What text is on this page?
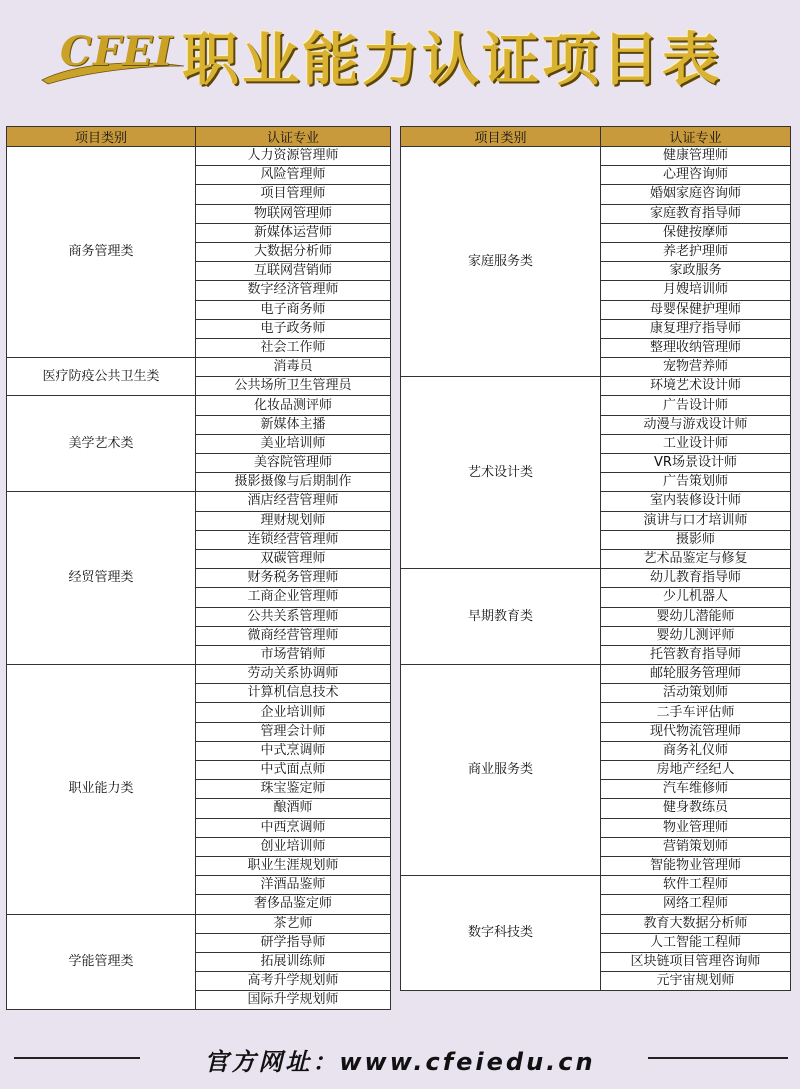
CFEI 职业能力认证项目表
项目类别	认证专业
商务管理类	人力资源管理师
	风险管理师
	项目管理师
	物联网管理师
	新媒体运营师
	大数据分析师
	互联网营销师
	数字经济管理师
	电子商务师
	电子政务师
	社会工作师
医疗防疫公共卫生类	消毒员
	公共场所卫生管理员
美学艺术类	化妆品测评师
	新媒体主播
	美业培训师
	美容院管理师
	摄影摄像与后期制作
经贸管理类	酒店经营管理师
	理财规划师
	连锁经营管理师
	双碳管理师
	财务税务管理师
	工商企业管理师
	公共关系管理师
	微商经营管理师
	市场营销师
职业能力类	劳动关系协调师
	计算机信息技术
	企业培训师
	管理会计师
	中式烹调师
	中式面点师
	珠宝鉴定师
	酿酒师
	中西烹调师
	创业培训师
	职业生涯规划师
	洋酒品鉴师
	奢侈品鉴定师
学能管理类	茶艺师
	研学指导师
	拓展训练师
	高考升学规划师
	国际升学规划师
项目类别	认证专业
家庭服务类	健康管理师
	心理咨询师
	婚姻家庭咨询师
	家庭教育指导师
	保健按摩师
	养老护理师
	家政服务
	月嫂培训师
	母婴保健护理师
	康复理疗指导师
	整理收纳管理师
	宠物营养师
艺术设计类	环境艺术设计师
	广告设计师
	动漫与游戏设计师
	工业设计师
	VR场景设计师
	广告策划师
	室内装修设计师
	演讲与口才培训师
	摄影师
	艺术品鉴定与修复
早期教育类	幼儿教育指导师
	少儿机器人
	婴幼儿潜能师
	婴幼儿测评师
	托管教育指导师
商业服务类	邮轮服务管理师
	活动策划师
	二手车评估师
	现代物流管理师
	商务礼仪师
	房地产经纪人
	汽车维修师
	健身教练员
	物业管理师
	营销策划师
	智能物业管理师
数字科技类	软件工程师
	网络工程师
	教育大数据分析师
	人工智能工程师
	区块链项目管理咨询师
	元宇宙规划师
官方网址：www.cfeiedu.cn
